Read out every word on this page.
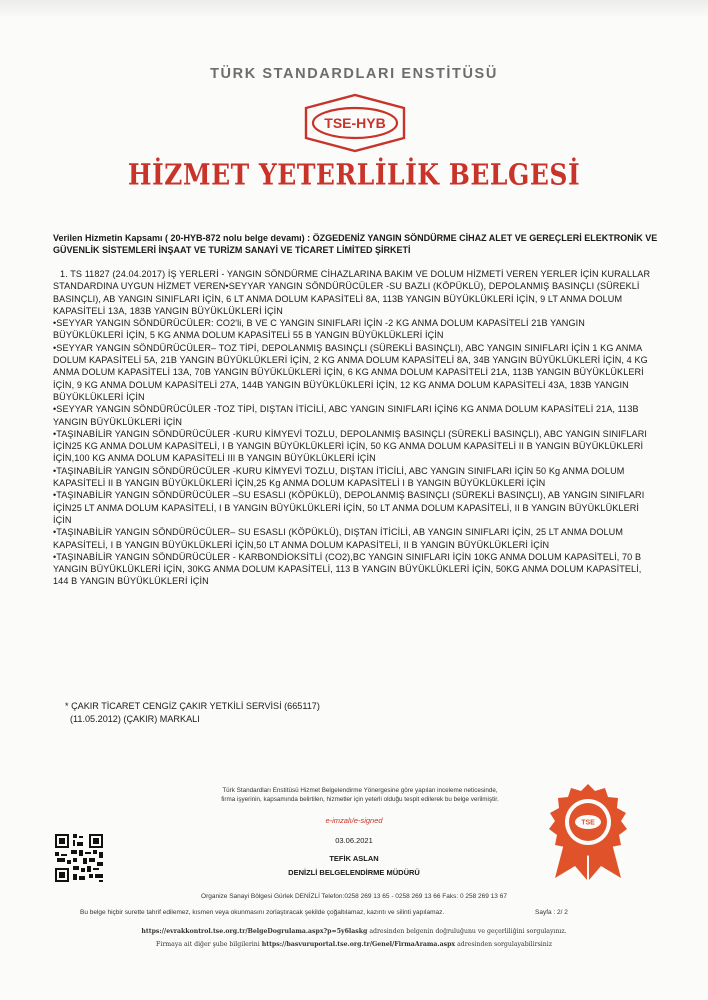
TÜRK STANDARDLARI ENSTİTÜSÜ
TSE-HYB
HİZMET YETERLİLİK BELGESİ
Verilen Hizmetin Kapsamı ( 20-HYB-872 nolu belge devamı) : ÖZGEDENİZ YANGIN SÖNDÜRME CİHAZ ALET VE GEREÇLERİ ELEKTRONİK VE GÜVENLİK SİSTEMLERİ İNŞAAT VE TURİZM SANAYİ VE TİCARET LİMİTED ŞİRKETİ

1. TS 11827 (24.04.2017) İŞ YERLERİ - YANGIN SÖNDÜRME CİHAZLARINA BAKIM VE DOLUM HİZMETİ VEREN YERLER İÇİN KURALLAR STANDARDINA UYGUN HİZMET VEREN•SEYYAR YANGIN SÖNDÜRÜCÜLER -SU BAZLI (KÖPÜKLÜ), DEPOLANMIŞ BASINÇLI (SÜREKLİ BASINÇLI), AB YANGIN SINIFLARI İÇİN, 6 LT ANMA DOLUM KAPASİTELİ 8A, 113B YANGIN BÜYÜKLÜKLERİ İÇİN, 9 LT ANMA DOLUM KAPASİTELİ 13A, 183B YANGIN BÜYÜKLÜKLERİ İÇİN

•SEYYAR YANGIN SÖNDÜRÜCÜLER: CO2'li, B VE C YANGIN SINIFLARI İÇİN -2 KG ANMA DOLUM KAPASİTELİ 21B YANGIN BÜYÜKLÜKLERİ İÇİN, 5 KG ANMA DOLUM KAPASİTELİ 55 B YANGIN BÜYÜKLÜKLERİ İÇİN

•SEYYAR YANGIN SÖNDÜRÜCÜLER– TOZ TİPİ, DEPOLANMIŞ BASINÇLI (SÜREKLİ BASINÇLI), ABC YANGIN SINIFLARI İÇİN 1 KG ANMA DOLUM KAPASİTELİ 5A, 21B YANGIN BÜYÜKLÜKLERİ İÇİN, 2 KG ANMA DOLUM KAPASİTELİ 8A, 34B YANGIN BÜYÜKLÜKLERİ İÇİN, 4 KG ANMA DOLUM KAPASİTELİ 13A, 70B YANGIN BÜYÜKLÜKLERİ İÇİN, 6 KG ANMA DOLUM KAPASİTELİ 21A, 113B YANGIN BÜYÜKLÜKLERİ İÇİN, 9 KG ANMA DOLUM KAPASİTELİ 27A, 144B YANGIN BÜYÜKLÜKLERİ İÇİN, 12 KG ANMA DOLUM KAPASİTELİ 43A, 183B YANGIN BÜYÜKLÜKLERİ İÇİN

•SEYYAR YANGIN SÖNDÜRÜCÜLER -TOZ TİPİ, DIŞTAN İTİCİLİ, ABC YANGIN SINIFLARI İÇİN6 KG ANMA DOLUM KAPASİTELİ 21A, 113B YANGIN BÜYÜKLÜKLERİ İÇİN

•TAŞINABİLİR YANGIN SÖNDÜRÜCÜLER -KURU KİMYEVİ TOZLU, DEPOLANMIŞ BASINÇLI (SÜREKLİ BASINÇLI), ABC YANGIN SINIFLARI İÇİN25 KG ANMA DOLUM KAPASİTELİ, I B YANGIN BÜYÜKLÜKLERİ İÇİN, 50 KG ANMA DOLUM KAPASİTELİ II B YANGIN BÜYÜKLÜKLERİ İÇİN,100 KG ANMA DOLUM KAPASİTELİ III B YANGIN BÜYÜKLÜKLERİ İÇİN

•TAŞINABİLİR YANGIN SÖNDÜRÜCÜLER -KURU KİMYEVİ TOZLU, DIŞTAN İTİCİLİ, ABC YANGIN SINIFLARI İÇİN 50 Kg ANMA DOLUM KAPASİTELİ II B YANGIN BÜYÜKLÜKLERİ İÇİN,25 Kg ANMA DOLUM KAPASİTELİ I B YANGIN BÜYÜKLÜKLERİ İÇİN

•TAŞINABİLİR YANGIN SÖNDÜRÜCÜLER –SU ESASLI (KÖPÜKLÜ), DEPOLANMIŞ BASINÇLI (SÜREKLİ BASINÇLI), AB YANGIN SINIFLARI İÇİN25 LT ANMA DOLUM KAPASİTELİ, I B YANGIN BÜYÜKLÜKLERİ İÇİN, 50 LT ANMA DOLUM KAPASİTELİ, II B YANGIN BÜYÜKLÜKLERİ İÇİN

•TAŞINABİLİR YANGIN SÖNDÜRÜCÜLER– SU ESASLI (KÖPÜKLÜ), DIŞTAN İTİCİLİ, AB YANGIN SINIFLARI İÇİN, 25 LT ANMA DOLUM KAPASİTELİ, I B YANGIN BÜYÜKLÜKLERİ İÇİN,50 LT ANMA DOLUM KAPASİTELİ, II B YANGIN BÜYÜKLÜKLERİ İÇİN

•TAŞINABİLİR YANGIN SÖNDÜRÜCÜLER - KARBONDİOKSİTLİ (CO2),BC YANGIN SINIFLARI İÇİN 10KG ANMA DOLUM KAPASİTELİ, 70 B YANGIN BÜYÜKLÜKLERİ İÇİN, 30KG ANMA DOLUM KAPASİTELİ, 113 B YANGIN BÜYÜKLÜKLERİ İÇİN, 50KG ANMA DOLUM KAPASİTELİ, 144 B YANGIN BÜYÜKLÜKLERİ İÇİN

* ÇAKIR TİCARET CENGİZ ÇAKIR YETKİLİ SERVİSİ (665117)
(11.05.2012) (ÇAKIR) MARKALI
Türk Standardları Enstitüsü Hizmet Belgelendirme Yönergesine göre yapılan inceleme neticesinde,
firma işyerinin, kapsamında belirtilen, hizmetler için yeterli olduğu tespit edilerek bu belge verilmiştir.
e-imzalı/e-signed
03.06.2021
TEFİK ASLAN
DENİZLİ BELGELENDİRME MÜDÜRÜ
TSE
Organize Sanayi Bölgesi Gürlek DENİZLİ Telefon:0258 269 13 65 - 0258 269 13 66 Faks: 0 258 269 13 67
Bu belge hiçbir surette tahrif edilemez, kısmen veya okunmasını zorlaştıracak şekilde çoğaltılamaz, kazıntı ve silinti yapılamaz.	Sayfa : 2/ 2
https://evrakkontrol.tse.org.tr/BelgeDogrulama.aspx?p=5y6laskg adresinden belgenin doğruluğunu ve geçerliliğini sorgulayınız.
Firmaya ait diğer şube bilgilerini https://basvuruportal.tse.org.tr/Genel/FirmaArama.aspx adresinden sorgulayabilirsiniz
